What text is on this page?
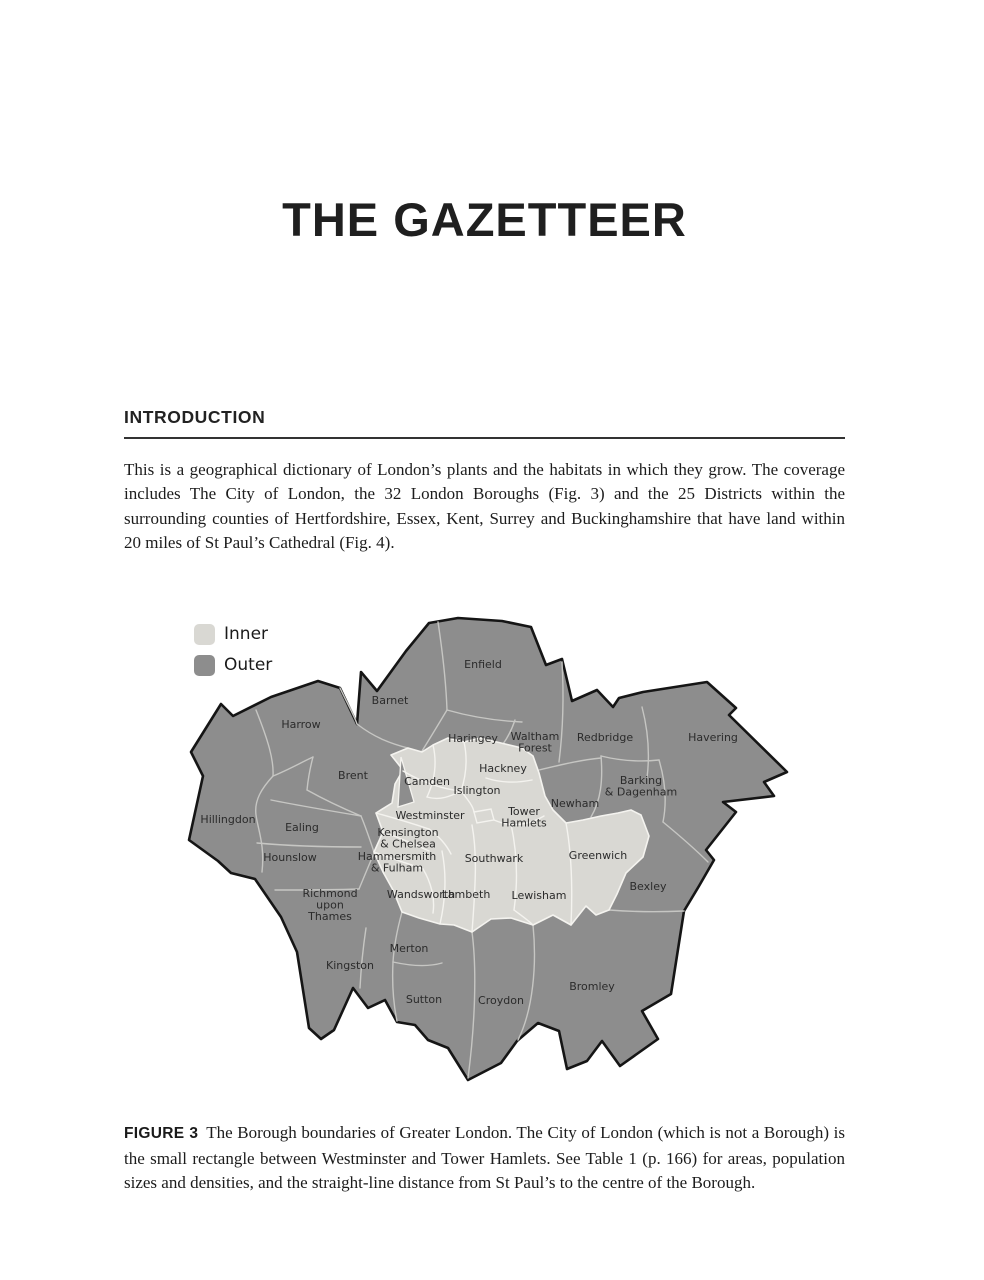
THE GAZETTEER
INTRODUCTION

This is a geographical dictionary of London’s plants and the habitats in which they grow. The coverage includes The City of London, the 32 London Boroughs (Fig. 3) and the 25 Districts within the surrounding counties of Hertfordshire, Essex, Kent, Surrey and Buckinghamshire that have land within 20 miles of St Paul’s Cathedral (Fig. 4).

Enfield
Barnet
Harrow
Haringey Waltham Forest
Redbridge	Havering
Brent	Camden
Hackney
Islington
Barking & Dagenham
Newham
Westminster	Tower Hamlets
Hillingdon
Ealing	Kensington & Chelsea
Hounslow	Hammersmith & Fulham
Southwark	Greenwich
Bexley
Richmond upon Thames
Wandsworth
Lambeth Lewisham
Merton
Kingston
Sutton	Croydon
Bromley
Inner
Outer

FIGURE 3 The Borough boundaries of Greater London. The City of London (which is not a Borough) is the small rectangle between Westminster and Tower Hamlets. See Table 1 (p. 166) for areas, population sizes and densities, and the straight-line distance from St Paul’s to the centre of the Borough.
